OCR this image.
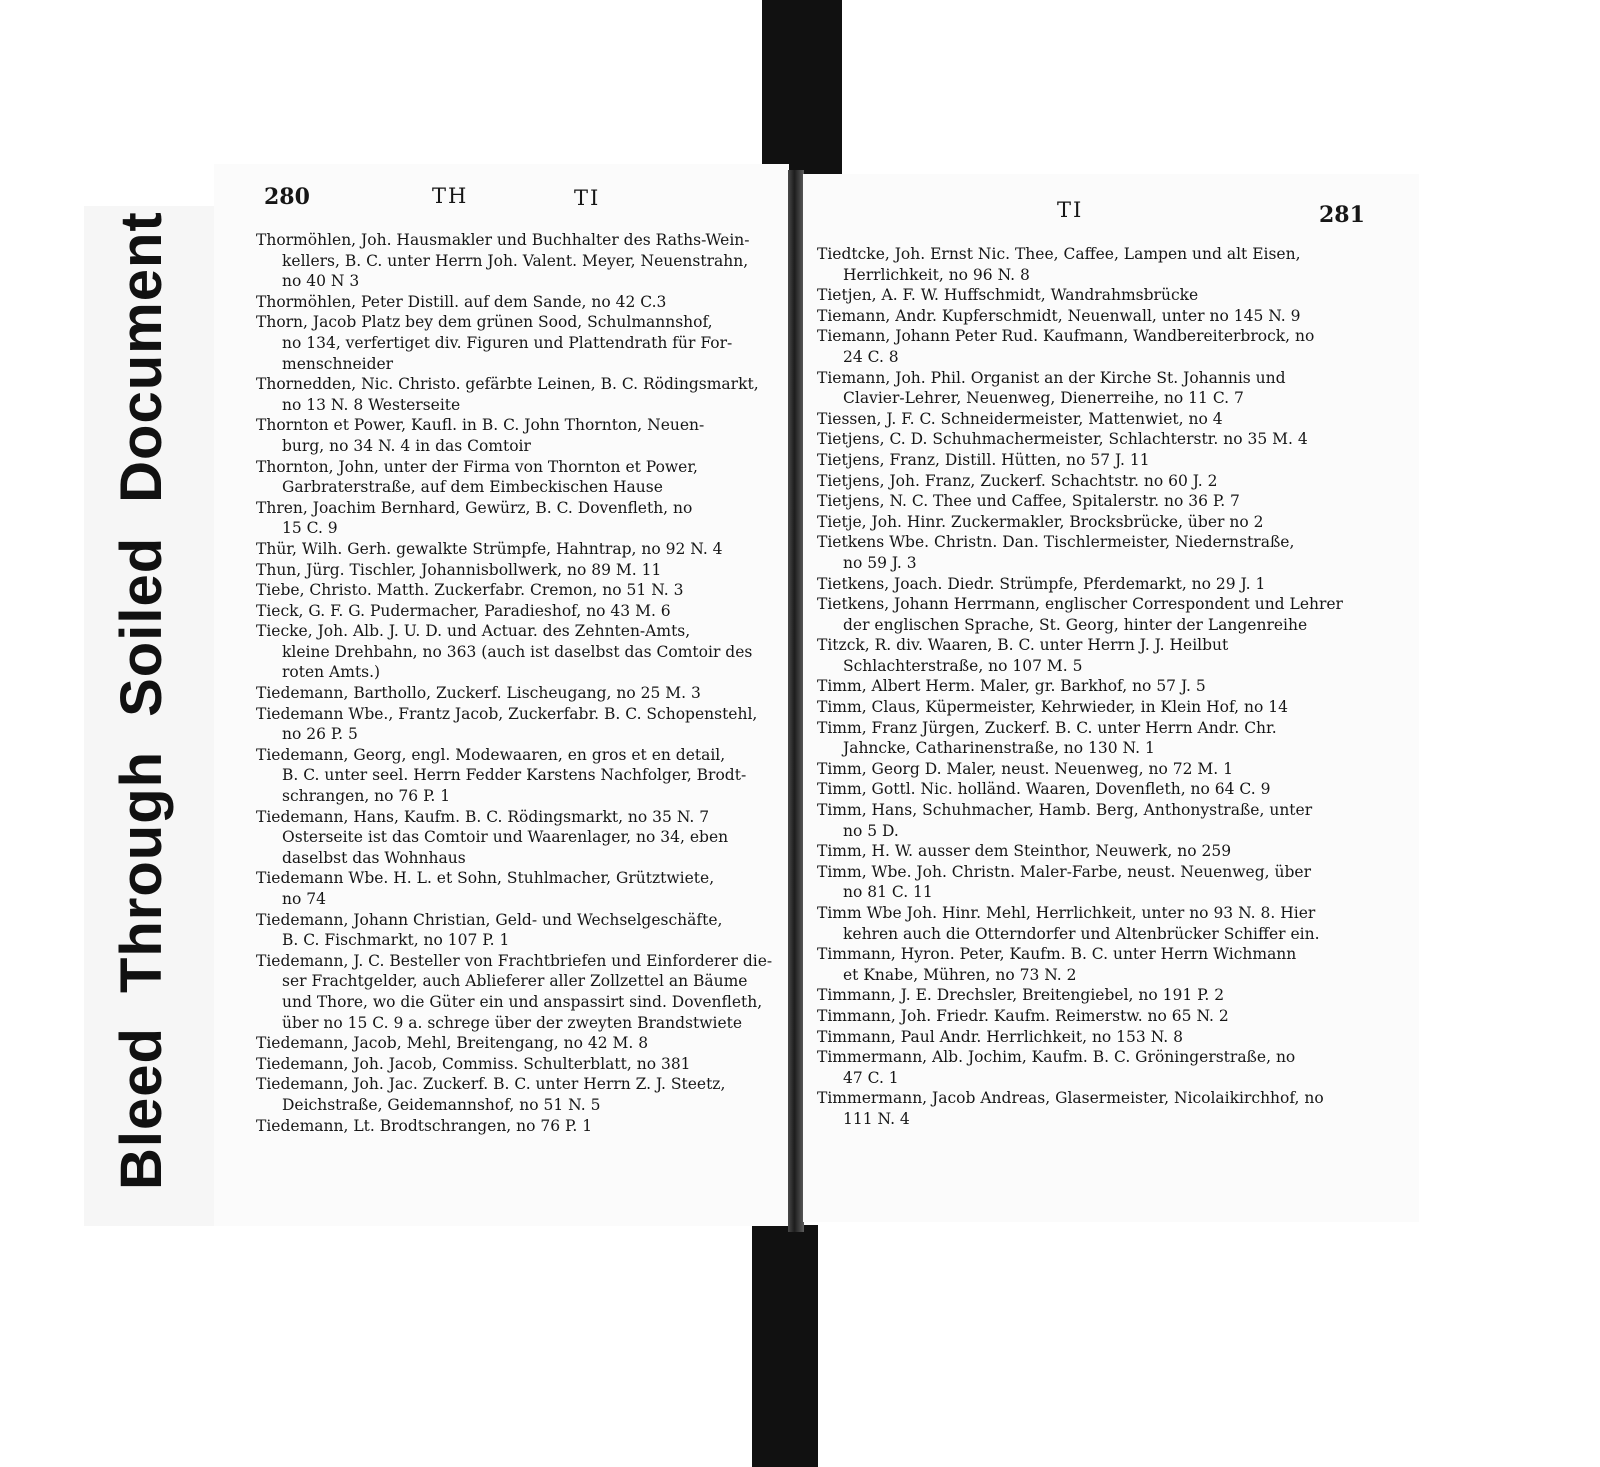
BleedThroughSoiledDocument
280	TH	TI
Thormöhlen, Joh. Hausmakler und Buchhalter des Raths-Wein-
kellers, B. C. unter Herrn Joh. Valent. Meyer, Neuenstrahn,
no 40 N 3
Thormöhlen, Peter Distill. auf dem Sande, no 42 C.3
Thorn, Jacob Platz bey dem grünen Sood, Schulmannshof,
no 134, verfertiget div. Figuren und Plattendrath für For-
menschneider
Thornedden, Nic. Christo. gefärbte Leinen, B. C. Rödingsmarkt,
no 13 N. 8 Westerseite
Thornton et Power, Kaufl. in B. C. John Thornton, Neuen-
burg, no 34 N. 4 in das Comtoir
Thornton, John, unter der Firma von Thornton et Power,
Garbraterstraße, auf dem Eimbeckischen Hause
Thren, Joachim Bernhard, Gewürz, B. C. Dovenfleth, no
15 C. 9
Thür, Wilh. Gerh. gewalkte Strümpfe, Hahntrap, no 92 N. 4
Thun, Jürg. Tischler, Johannisbollwerk, no 89 M. 11
Tiebe, Christo. Matth. Zuckerfabr. Cremon, no 51 N. 3
Tieck, G. F. G. Pudermacher, Paradieshof, no 43 M. 6
Tiecke, Joh. Alb. J. U. D. und Actuar. des Zehnten-Amts,
kleine Drehbahn, no 363 (auch ist daselbst das Comtoir des
roten Amts.)
Tiedemann, Barthollo, Zuckerf. Lischeugang, no 25 M. 3
Tiedemann Wbe., Frantz Jacob, Zuckerfabr. B. C. Schopenstehl,
no 26 P. 5
Tiedemann, Georg, engl. Modewaaren, en gros et en detail,
B. C. unter seel. Herrn Fedder Karstens Nachfolger, Brodt-
schrangen, no 76 P. 1
Tiedemann, Hans, Kaufm. B. C. Rödingsmarkt, no 35 N. 7
Osterseite ist das Comtoir und Waarenlager, no 34, eben
daselbst das Wohnhaus
Tiedemann Wbe. H. L. et Sohn, Stuhlmacher, Grütztwiete,
no 74
Tiedemann, Johann Christian, Geld- und Wechselgeschäfte,
B. C. Fischmarkt, no 107 P. 1
Tiedemann, J. C. Besteller von Frachtbriefen und Einforderer die-
ser Frachtgelder, auch Ablieferer aller Zollzettel an Bäume
und Thore, wo die Güter ein und anspassirt sind. Dovenfleth,
über no 15 C. 9 a. schrege über der zweyten Brandstwiete
Tiedemann, Jacob, Mehl, Breitengang, no 42 M. 8
Tiedemann, Joh. Jacob, Commiss. Schulterblatt, no 381
Tiedemann, Joh. Jac. Zuckerf. B. C. unter Herrn Z. J. Steetz,
Deichstraße, Geidemannshof, no 51 N. 5
Tiedemann, Lt. Brodtschrangen, no 76 P. 1
TI	281
Tiedtcke, Joh. Ernst Nic. Thee, Caffee, Lampen und alt Eisen,
Herrlichkeit, no 96 N. 8
Tietjen, A. F. W. Huffschmidt, Wandrahmsbrücke
Tiemann, Andr. Kupferschmidt, Neuenwall, unter no 145 N. 9
Tiemann, Johann Peter Rud. Kaufmann, Wandbereiterbrock, no
24 C. 8
Tiemann, Joh. Phil. Organist an der Kirche St. Johannis und
Clavier-Lehrer, Neuenweg, Dienerreihe, no 11 C. 7
Tiessen, J. F. C. Schneidermeister, Mattenwiet, no 4
Tietjens, C. D. Schuhmachermeister, Schlachterstr. no 35 M. 4
Tietjens, Franz, Distill. Hütten, no 57 J. 11
Tietjens, Joh. Franz, Zuckerf. Schachtstr. no 60 J. 2
Tietjens, N. C. Thee und Caffee, Spitalerstr. no 36 P. 7
Tietje, Joh. Hinr. Zuckermakler, Brocksbrücke, über no 2
Tietkens Wbe. Christn. Dan. Tischlermeister, Niedernstraße,
no 59 J. 3
Tietkens, Joach. Diedr. Strümpfe, Pferdemarkt, no 29 J. 1
Tietkens, Johann Herrmann, englischer Correspondent und Lehrer
der englischen Sprache, St. Georg, hinter der Langenreihe
Titzck, R. div. Waaren, B. C. unter Herrn J. J. Heilbut
Schlachterstraße, no 107 M. 5
Timm, Albert Herm. Maler, gr. Barkhof, no 57 J. 5
Timm, Claus, Küpermeister, Kehrwieder, in Klein Hof, no 14
Timm, Franz Jürgen, Zuckerf. B. C. unter Herrn Andr. Chr.
Jahncke, Catharinenstraße, no 130 N. 1
Timm, Georg D. Maler, neust. Neuenweg, no 72 M. 1
Timm, Gottl. Nic. holländ. Waaren, Dovenfleth, no 64 C. 9
Timm, Hans, Schuhmacher, Hamb. Berg, Anthonystraße, unter
no 5 D.
Timm, H. W. ausser dem Steinthor, Neuwerk, no 259
Timm, Wbe. Joh. Christn. Maler-Farbe, neust. Neuenweg, über
no 81 C. 11
Timm Wbe Joh. Hinr. Mehl, Herrlichkeit, unter no 93 N. 8. Hier
kehren auch die Otterndorfer und Altenbrücker Schiffer ein.
Timmann, Hyron. Peter, Kaufm. B. C. unter Herrn Wichmann
et Knabe, Mühren, no 73 N. 2
Timmann, J. E. Drechsler, Breitengiebel, no 191 P. 2
Timmann, Joh. Friedr. Kaufm. Reimerstw. no 65 N. 2
Timmann, Paul Andr. Herrlichkeit, no 153 N. 8
Timmermann, Alb. Jochim, Kaufm. B. C. Gröningerstraße, no
47 C. 1
Timmermann, Jacob Andreas, Glasermeister, Nicolaikirchhof, no
111 N. 4
